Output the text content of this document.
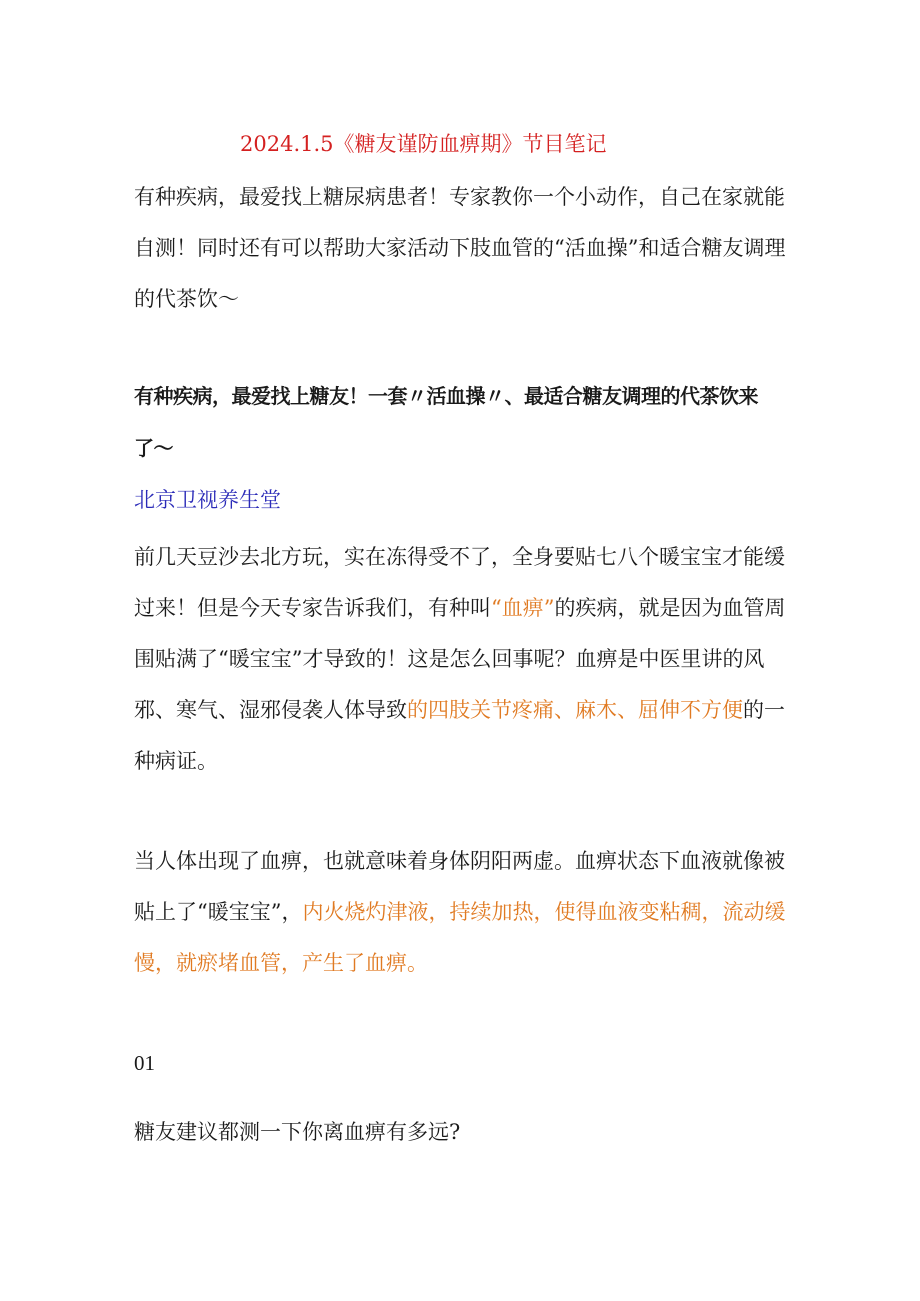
2024.1.5《糖友谨防血痹期》节目笔记

有种疾病，最爱找上糖尿病患者！专家教你一个小动作，自己在家就能自测！同时还有可以帮助大家活动下肢血管的“活血操”和适合糖友调理的代茶饮〜

有种疾病，最爱找上糖友！一套〃活血操〃、最适合糖友调理的代茶饮来了〜

北京卫视养生堂

前几天豆沙去北方玩，实在冻得受不了，全身要贴七八个暖宝宝才能缓过来！但是今天专家告诉我们，有种叫“血痹”的疾病，就是因为血管周围贴满了“暖宝宝”才导致的！这是怎么回事呢？血痹是中医里讲的风邪、寒气、湿邪侵袭人体导致的四肢关节疼痛、麻木、屈伸不方便的一种病证。

当人体出现了血痹，也就意味着身体阴阳两虚。血痹状态下血液就像被贴上了“暖宝宝”，内火烧灼津液，持续加热，使得血液变粘稠，流动缓慢，就瘀堵血管，产生了血痹。

01

糖友建议都测一下你离血痹有多远?
